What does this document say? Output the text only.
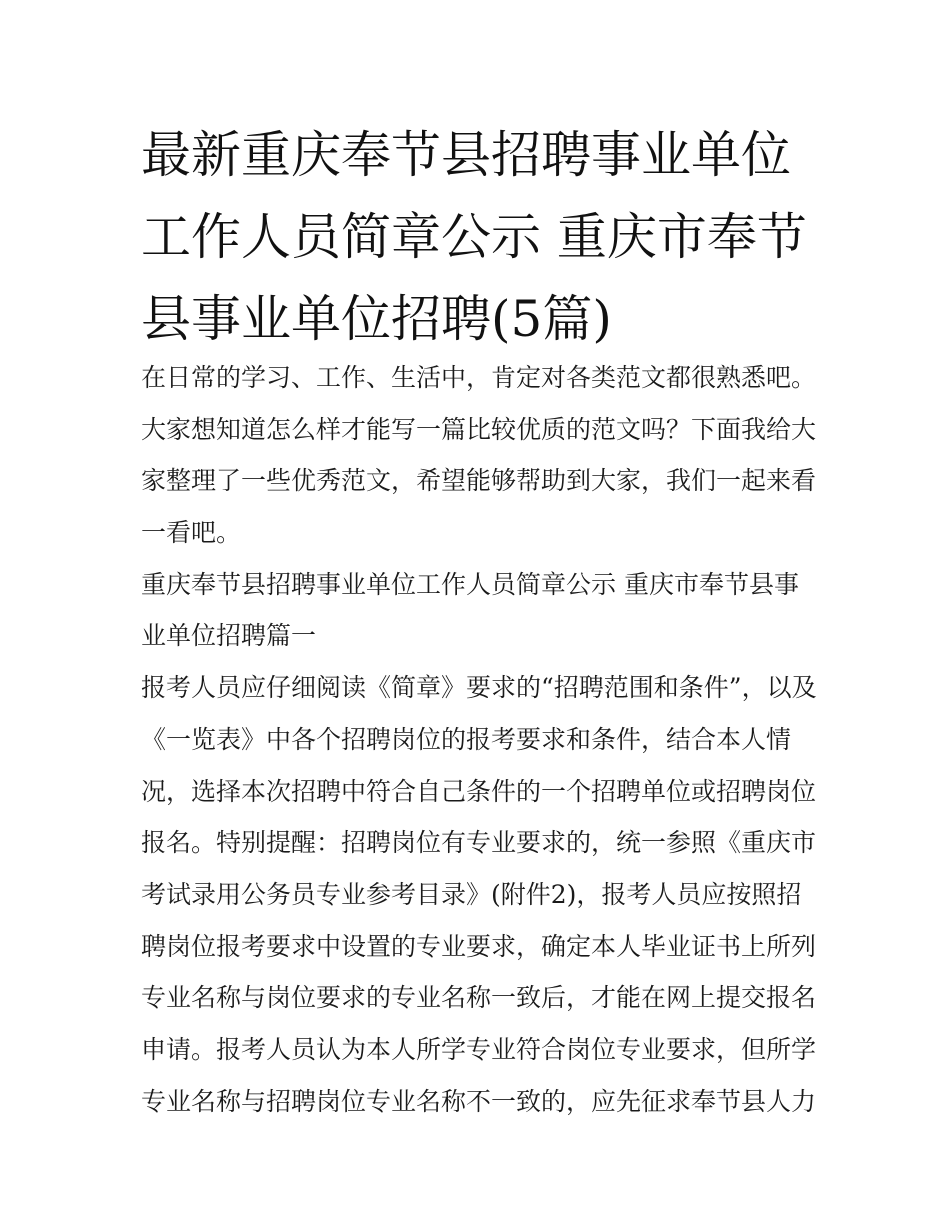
最新重庆奉节县招聘事业单位
工作人员简章公示 重庆市奉节
县事业单位招聘(5篇)
在日常的学习、工作、生活中，肯定对各类范文都很熟悉吧。
大家想知道怎么样才能写一篇比较优质的范文吗？下面我给大
家整理了一些优秀范文，希望能够帮助到大家，我们一起来看
一看吧。
重庆奉节县招聘事业单位工作人员简章公示 重庆市奉节县事
业单位招聘篇一
报考人员应仔细阅读《简章》要求的“招聘范围和条件”，以及
《一览表》中各个招聘岗位的报考要求和条件，结合本人情
况，选择本次招聘中符合自己条件的一个招聘单位或招聘岗位
报名。特别提醒：招聘岗位有专业要求的，统一参照《重庆市
考试录用公务员专业参考目录》(附件2)，报考人员应按照招
聘岗位报考要求中设置的专业要求，确定本人毕业证书上所列
专业名称与岗位要求的专业名称一致后，才能在网上提交报名
申请。报考人员认为本人所学专业符合岗位专业要求，但所学
专业名称与招聘岗位专业名称不一致的，应先征求奉节县人力
